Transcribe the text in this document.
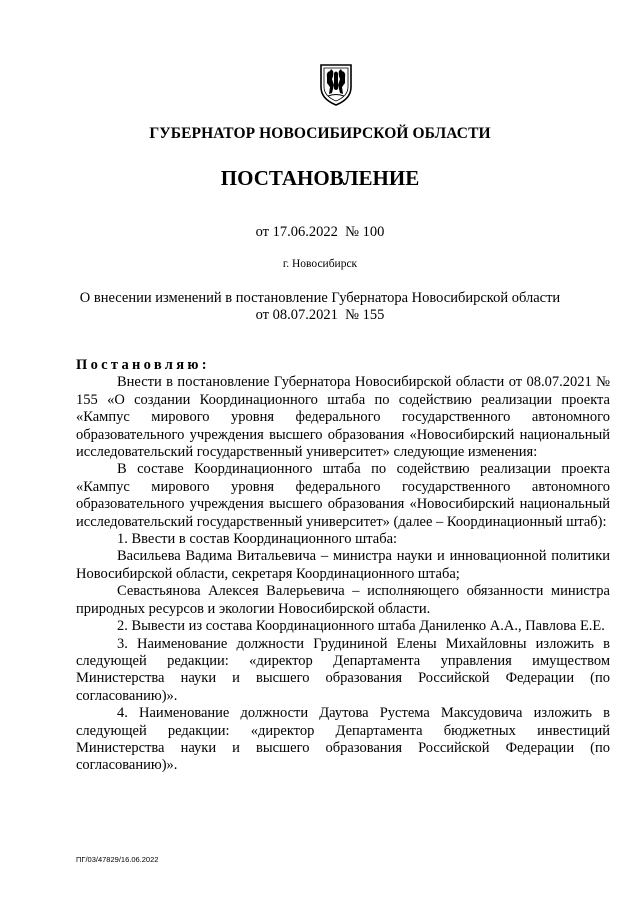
ГУБЕРНАТОР НОВОСИБИРСКОЙ ОБЛАСТИ
ПОСТАНОВЛЕНИЕ
от 17.06.2022  № 100
г. Новосибирск
О внесении изменений в постановление Губернатора Новосибирской области
от 08.07.2021  № 155

Постановляю:

Внести в постановление Губернатора Новосибирской области от 08.07.2021 № 155 «О создании Координационного штаба по содействию реализации проекта «Кампус мирового уровня федерального государственного автономного образовательного учреждения высшего образования «Новосибирский национальный исследовательский государственный университет» следующие изменения:

В составе Координационного штаба по содействию реализации проекта «Кампус мирового уровня федерального государственного автономного образовательного учреждения высшего образования «Новосибирский национальный исследовательский государственный университет» (далее – Координационный штаб):

1. Ввести в состав Координационного штаба:

Васильева Вадима Витальевича – министра науки и инновационной политики Новосибирской области, секретаря Координационного штаба;

Севастьянова Алексея Валерьевича – исполняющего обязанности министра природных ресурсов и экологии Новосибирской области.

2. Вывести из состава Координационного штаба Даниленко А.А., Павлова Е.Е.

3. Наименование должности Грудининой Елены Михайловны изложить в следующей редакции: «директор Департамента управления имуществом Министерства науки и высшего образования Российской Федерации (по согласованию)».

4. Наименование должности Даутова Рустема Максудовича изложить в следующей редакции: «директор Департамента бюджетных инвестиций Министерства науки и высшего образования Российской Федерации (по согласованию)».

ПГ/03/47829/16.06.2022
